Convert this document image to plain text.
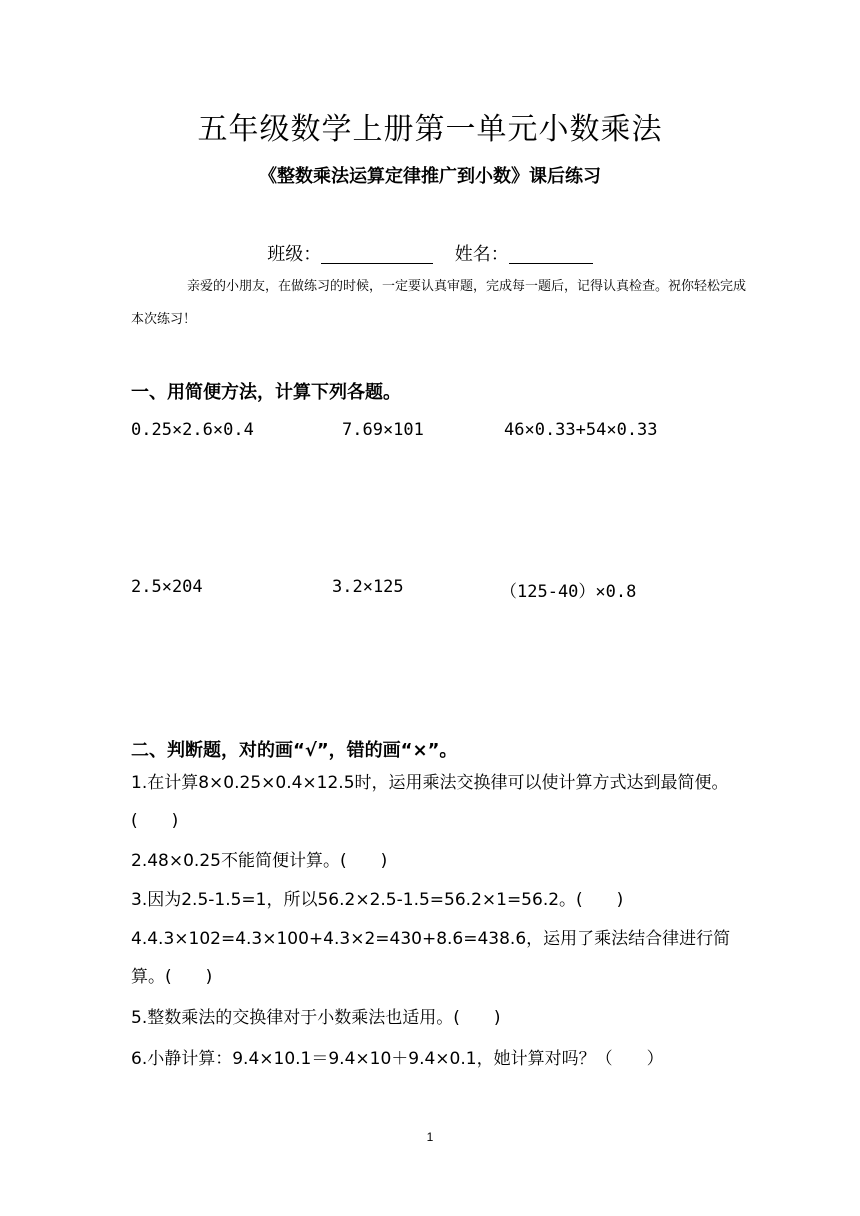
五年级数学上册第一单元小数乘法
《整数乘法运算定律推广到小数》课后练习
班级：	姓名：
亲爱的小朋友，在做练习的时候，一定要认真审题，完成每一题后，记得认真检查。祝你轻松完成本次练习！
一、用简便方法，计算下列各题。
0.25×2.6×0.4	7.69×101	46×0.33+54×0.33
2.5×204	3.2×125	（125-40）×0.8
二、判断题，对的画“√”，错的画“×”。
1.在计算8×0.25×0.4×12.5时，运用乘法交换律可以使计算方式达到最简便。(　　)
2.48×0.25不能简便计算。(　　)
3.因为2.5-1.5=1，所以56.2×2.5-1.5=56.2×1=56.2。(　　)
4.4.3×102=4.3×100+4.3×2=430+8.6=438.6，运用了乘法结合律进行简算。(　　)
5.整数乘法的交换律对于小数乘法也适用。(　　)
6.小静计算：9.4×10.1＝9.4×10＋9.4×0.1，她计算对吗？（　　）
1
